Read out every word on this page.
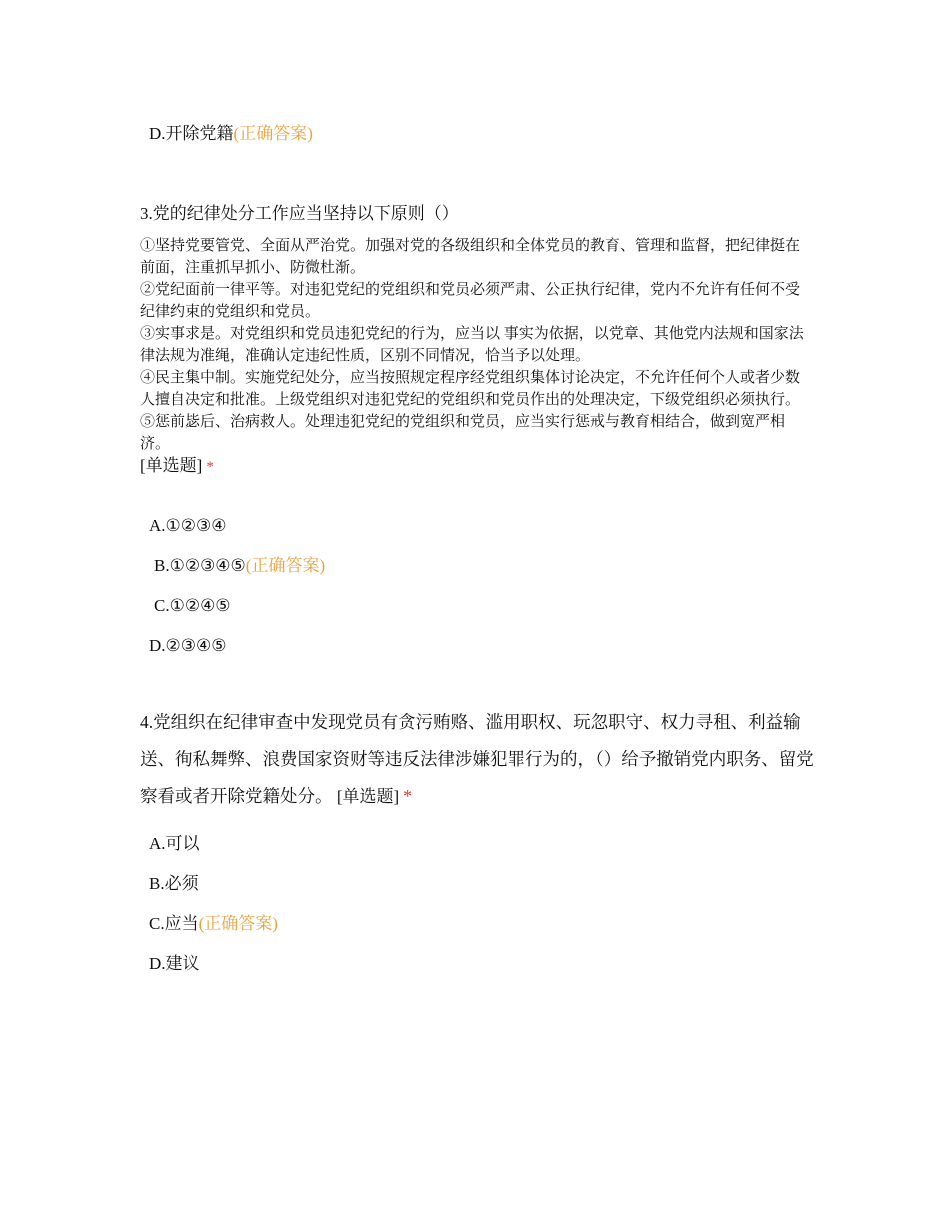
D.开除党籍(正确答案)
3.党的纪律处分工作应当坚持以下原则（）

①坚持党要管党、全面从严治党。加强对党的各级组织和全体党员的教育、管理和监督，把纪律挺在前面，注重抓早抓小、防微杜渐。

②党纪面前一律平等。对违犯党纪的党组织和党员必须严肃、公正执行纪律，党内不允许有任何不受纪律约束的党组织和党员。

③实事求是。对党组织和党员违犯党纪的行为，应当以 事实为依据，以党章、其他党内法规和国家法律法规为准绳，准确认定违纪性质，区别不同情况，恰当予以处理。

④民主集中制。实施党纪处分，应当按照规定程序经党组织集体讨论决定，不允许任何个人或者少数人擅自决定和批准。上级党组织对违犯党纪的党组织和党员作出的处理决定，下级党组织必须执行。

⑤惩前毖后、治病救人。处理违犯党纪的党组织和党员，应当实行惩戒与教育相结合，做到宽严相济。

[单选题] *

A.①②③④
B.①②③④⑤(正确答案)
C.①②④⑤
D.②③④⑤
4.党组织在纪律审查中发现党员有贪污贿赂、滥用职权、玩忽职守、权力寻租、利益输送、徇私舞弊、浪费国家资财等违反法律涉嫌犯罪行为的，（）给予撤销党内职务、留党察看或者开除党籍处分。 [单选题] *
A.可以
B.必须
C.应当(正确答案)
D.建议
